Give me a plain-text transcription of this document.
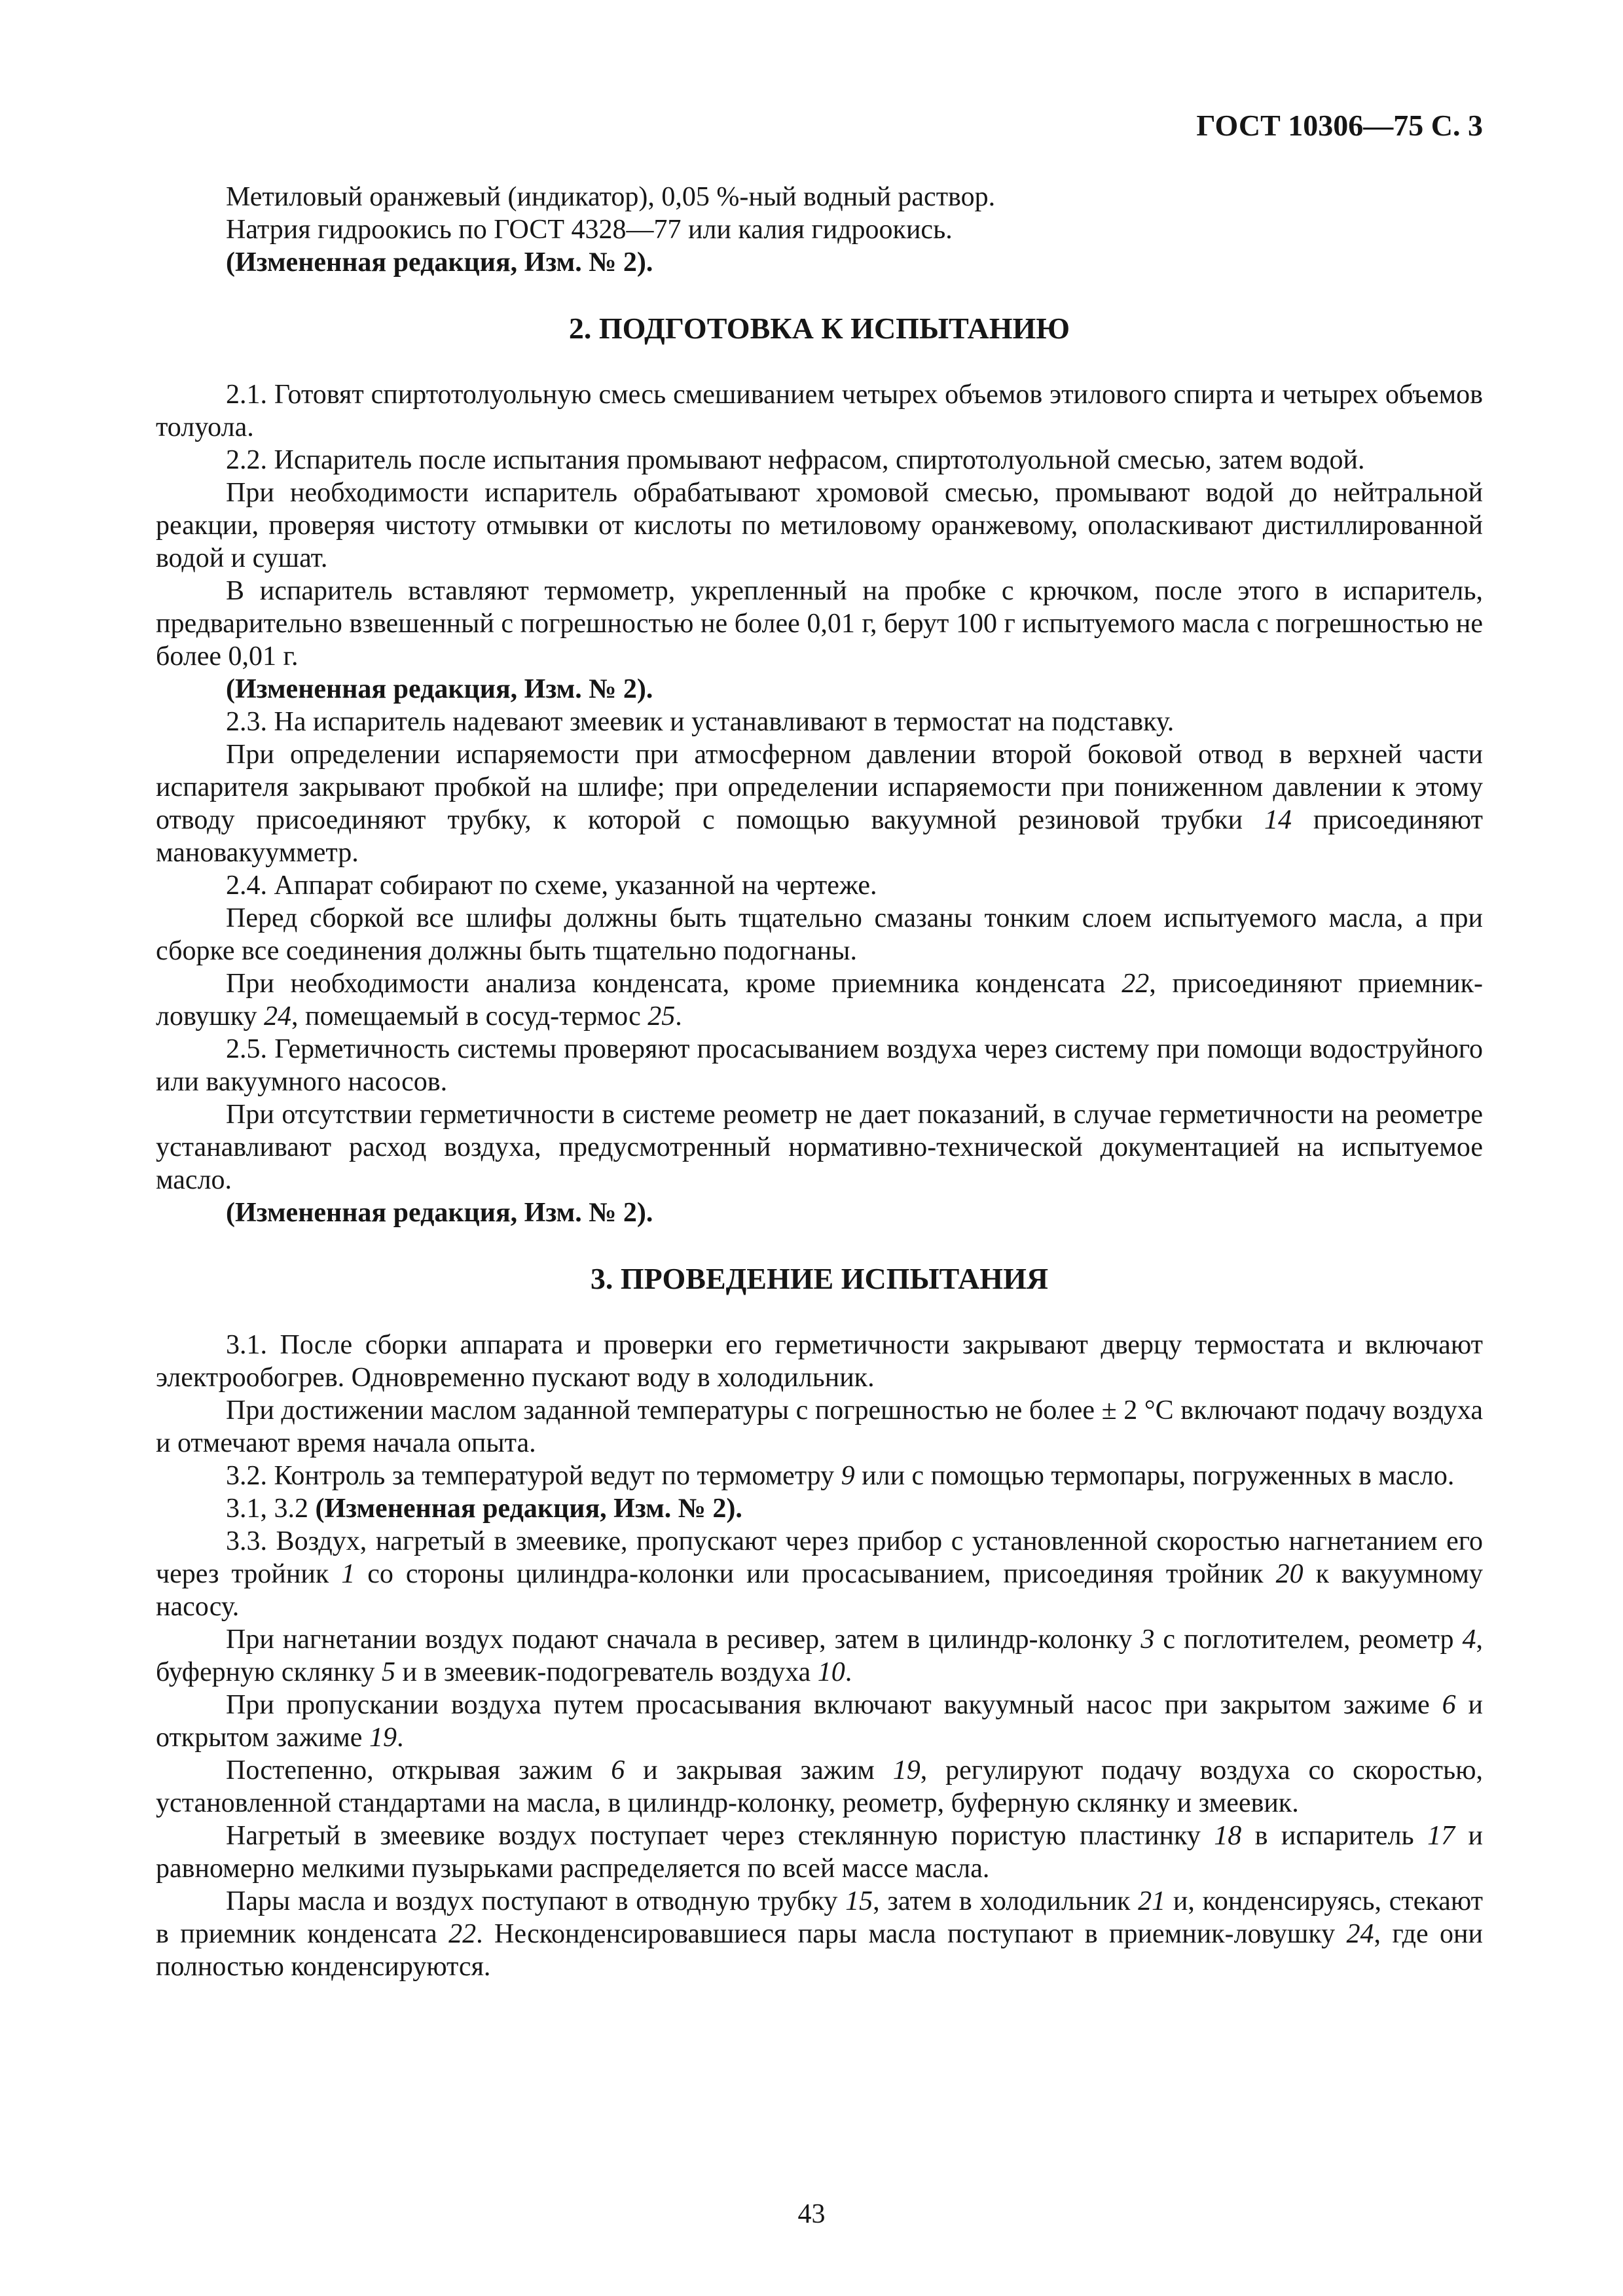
ГОСТ 10306—75 С. 3

Метиловый оранжевый (индикатор), 0,05 %-ный водный раствор.

Натрия гидроокись по ГОСТ 4328—77 или калия гидроокись.

(Измененная редакция, Изм. № 2).

2. ПОДГОТОВКА К ИСПЫТАНИЮ

2.1. Готовят спиртотолуольную смесь смешиванием четырех объемов этилового спирта и четырех объемов толуола.

2.2. Испаритель после испытания промывают нефрасом, спиртотолуольной смесью, затем водой.

При необходимости испаритель обрабатывают хромовой смесью, промывают водой до нейтральной реакции, проверяя чистоту отмывки от кислоты по метиловому оранжевому, ополаскивают дистиллированной водой и сушат.

В испаритель вставляют термометр, укрепленный на пробке с крючком, после этого в испаритель, предварительно взвешенный с погрешностью не более 0,01 г, берут 100 г испытуемого масла с погрешностью не более 0,01 г.

(Измененная редакция, Изм. № 2).

2.3. На испаритель надевают змеевик и устанавливают в термостат на подставку.

При определении испаряемости при атмосферном давлении второй боковой отвод в верхней части испарителя закрывают пробкой на шлифе; при определении испаряемости при пониженном давлении к этому отводу присоединяют трубку, к которой с помощью вакуумной резиновой трубки 14 присоединяют мановакуумметр.

2.4. Аппарат собирают по схеме, указанной на чертеже.

Перед сборкой все шлифы должны быть тщательно смазаны тонким слоем испытуемого масла, а при сборке все соединения должны быть тщательно подогнаны.

При необходимости анализа конденсата, кроме приемника конденсата 22, присоединяют приемник-ловушку 24, помещаемый в сосуд-термос 25.

2.5. Герметичность системы проверяют просасыванием воздуха через систему при помощи водоструйного или вакуумного насосов.

При отсутствии герметичности в системе реометр не дает показаний, в случае герметичности на реометре устанавливают расход воздуха, предусмотренный нормативно-технической документацией на испытуемое масло.

(Измененная редакция, Изм. № 2).

3. ПРОВЕДЕНИЕ ИСПЫТАНИЯ

3.1. После сборки аппарата и проверки его герметичности закрывают дверцу термостата и включают электрообогрев. Одновременно пускают воду в холодильник.

При достижении маслом заданной температуры с погрешностью не более ± 2 °С включают подачу воздуха и отмечают время начала опыта.

3.2. Контроль за температурой ведут по термометру 9 или с помощью термопары, погруженных в масло.

3.1, 3.2 (Измененная редакция, Изм. № 2).

3.3. Воздух, нагретый в змеевике, пропускают через прибор с установленной скоростью нагнетанием его через тройник 1 со стороны цилиндра-колонки или просасыванием, присоединяя тройник 20 к вакуумному насосу.

При нагнетании воздух подают сначала в ресивер, затем в цилиндр-колонку 3 с поглотителем, реометр 4, буферную склянку 5 и в змеевик-подогреватель воздуха 10.

При пропускании воздуха путем просасывания включают вакуумный насос при закрытом зажиме 6 и открытом зажиме 19.

Постепенно, открывая зажим 6 и закрывая зажим 19, регулируют подачу воздуха со скоростью, установленной стандартами на масла, в цилиндр-колонку, реометр, буферную склянку и змеевик.

Нагретый в змеевике воздух поступает через стеклянную пористую пластинку 18 в испаритель 17 и равномерно мелкими пузырьками распределяется по всей массе масла.

Пары масла и воздух поступают в отводную трубку 15, затем в холодильник 21 и, конденсируясь, стекают в приемник конденсата 22. Несконденсировавшиеся пары масла поступают в приемник-ловушку 24, где они полностью конденсируются.

43
